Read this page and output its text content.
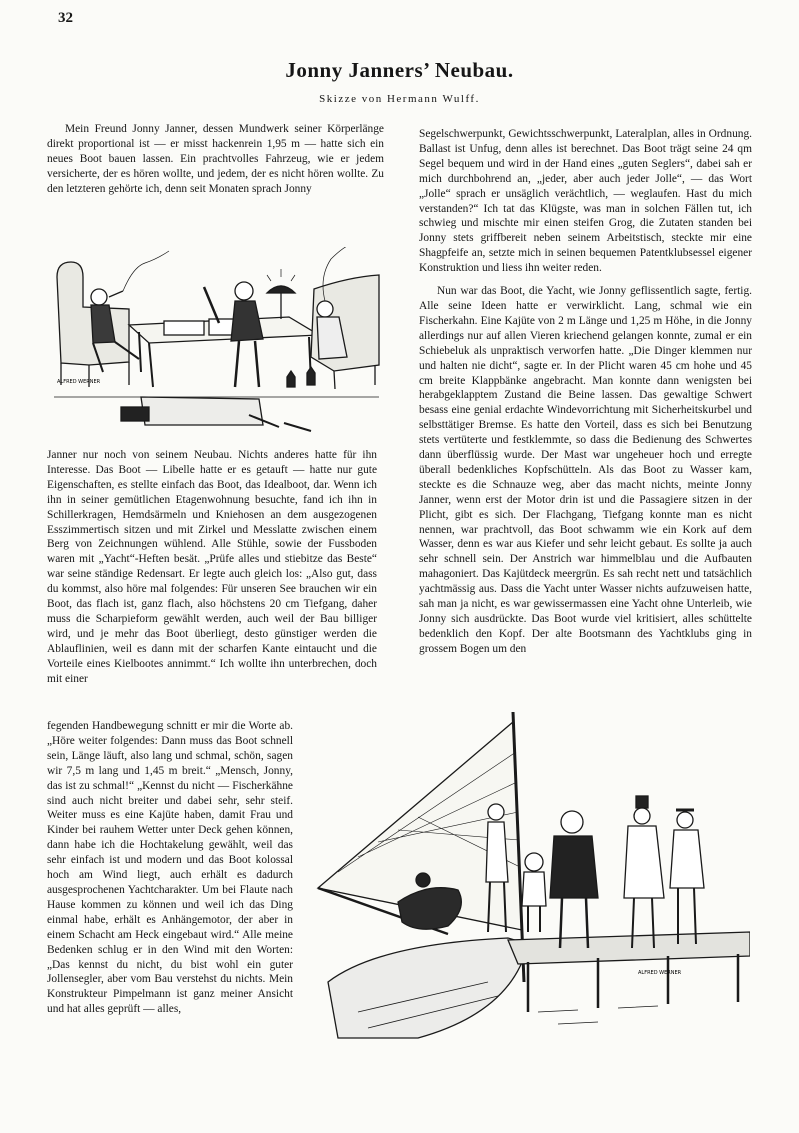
32
Jonny Janners’ Neubau.
Skizze von Hermann Wulff.

Mein Freund Jonny Janner, dessen Mundwerk seiner Körperlänge direkt proportional ist — er misst hackenrein 1,95 m — hatte sich ein neues Boot bauen lassen. Ein prachtvolles Fahrzeug, wie er jedem versicherte, der es hören wollte, und jedem, der es nicht hören wollte. Zu den letzteren gehörte ich, denn seit Monaten sprach Jonny

ALFRED WERNER

Janner nur noch von seinem Neubau. Nichts anderes hatte für ihn Interesse. Das Boot — Libelle hatte er es getauft — hatte nur gute Eigenschaften, es stellte einfach das Boot, das Idealboot, dar. Wenn ich ihn in seiner gemütlichen Etagenwohnung besuchte, fand ich ihn in Schillerkragen, Hemdsärmeln und Kniehosen an dem ausgezogenen Esszimmertisch sitzen und mit Zirkel und Messlatte zwischen einem Berg von Zeichnungen wühlend. Alle Stühle, sowie der Fussboden waren mit „Yacht“-Heften besät. „Prüfe alles und stiebitze das Beste“ war seine ständige Redensart. Er legte auch gleich los: „Also gut, dass du kommst, also höre mal folgendes: Für unseren See brauchen wir ein Boot, das flach ist, ganz flach, also höchstens 20 cm Tiefgang, daher muss die Scharpieform gewählt werden, auch weil der Bau billiger wird, und je mehr das Boot überliegt, desto günstiger werden die Ablauflinien, weil es dann mit der scharfen Kante eintaucht und die Vorteile eines Kielbootes annimmt.“ Ich wollte ihn unterbrechen, doch mit einer

fegenden Handbewegung schnitt er mir die Worte ab. „Höre weiter folgendes: Dann muss das Boot schnell sein, Länge läuft, also lang und schmal, schön, sagen wir 7,5 m lang und 1,45 m breit.“ „Mensch, Jonny, das ist zu schmal!“ „Kennst du nicht — Fischerkähne sind auch nicht breiter und dabei sehr, sehr steif. Weiter muss es eine Kajüte haben, damit Frau und Kinder bei rauhem Wetter unter Deck gehen können, dann habe ich die Hochtakelung gewählt, weil das sehr einfach ist und modern und das Boot kolossal hoch am Wind liegt, auch erhält es dadurch ausgesprochenen Yachtcharakter. Um bei Flaute nach Hause kommen zu können und weil ich das Ding einmal habe, erhält es Anhängemotor, der aber in einem Schacht am Heck eingebaut wird.“ Alle meine Bedenken schlug er in den Wind mit den Worten: „Das kennst du nicht, du bist wohl ein guter Jollensegler, aber vom Bau verstehst du nichts. Mein Konstrukteur Pimpelmann ist ganz meiner Ansicht und hat alles geprüft — alles,

Segelschwerpunkt, Gewichtsschwerpunkt, Lateralplan, alles in Ordnung. Ballast ist Unfug, denn alles ist berechnet. Das Boot trägt seine 24 qm Segel bequem und wird in der Hand eines „guten Seglers“, dabei sah er mich durchbohrend an, „jeder, aber auch jeder Jolle“, — das Wort „Jolle“ sprach er unsäglich verächtlich, — weglaufen. Hast du mich verstanden?“ Ich tat das Klügste, was man in solchen Fällen tut, ich schwieg und mischte mir einen steifen Grog, die Zutaten standen bei Jonny stets griffbereit neben seinem Arbeitstisch, steckte mir eine Shagpfeife an, setzte mich in seinen bequemen Patentklubsessel eigener Konstruktion und liess ihn weiter reden.

Nun war das Boot, die Yacht, wie Jonny geflissentlich sagte, fertig. Alle seine Ideen hatte er verwirklicht. Lang, schmal wie ein Fischerkahn. Eine Kajüte von 2 m Länge und 1,25 m Höhe, in die Jonny allerdings nur auf allen Vieren kriechend gelangen konnte, zumal er ein Schiebeluk als unpraktisch verworfen hatte. „Die Dinger klemmen nur und halten nie dicht“, sagte er. In der Plicht waren 45 cm hohe und 45 cm breite Klappbänke angebracht. Man konnte dann wenigsten bei herabgeklapptem Zustand die Beine lassen. Das gewaltige Schwert besass eine genial erdachte Windevorrichtung mit Sicherheitskurbel und selbsttätiger Bremse. Es hatte den Vorteil, dass es sich bei Benutzung stets vertüterte und festklemmte, so dass die Bedienung des Schwertes dann überflüssig wurde. Der Mast war ungeheuer hoch und erregte überall bedenkliches Kopfschütteln. Als das Boot zu Wasser kam, steckte es die Schnauze weg, aber das macht nichts, meinte Jonny Janner, wenn erst der Motor drin ist und die Passagiere sitzen in der Plicht, gibt es sich. Der Flachgang, Tiefgang konnte man es nicht nennen, war prachtvoll, das Boot schwamm wie ein Kork auf dem Wasser, denn es war aus Kiefer und sehr leicht gebaut. Es sollte ja auch sehr schnell sein. Der Anstrich war himmelblau und die Aufbauten mahagoniert. Das Kajütdeck meergrün. Es sah recht nett und tatsächlich yachtmässig aus. Dass die Yacht unter Wasser nichts aufzuweisen hatte, sah man ja nicht, es war gewissermassen eine Yacht ohne Unterleib, wie Jonny sich ausdrückte. Das Boot wurde viel kritisiert, alles schüttelte bedenklich den Kopf. Der alte Bootsmann des Yachtklubs ging in grossem Bogen um den

ALFRED WERNER
